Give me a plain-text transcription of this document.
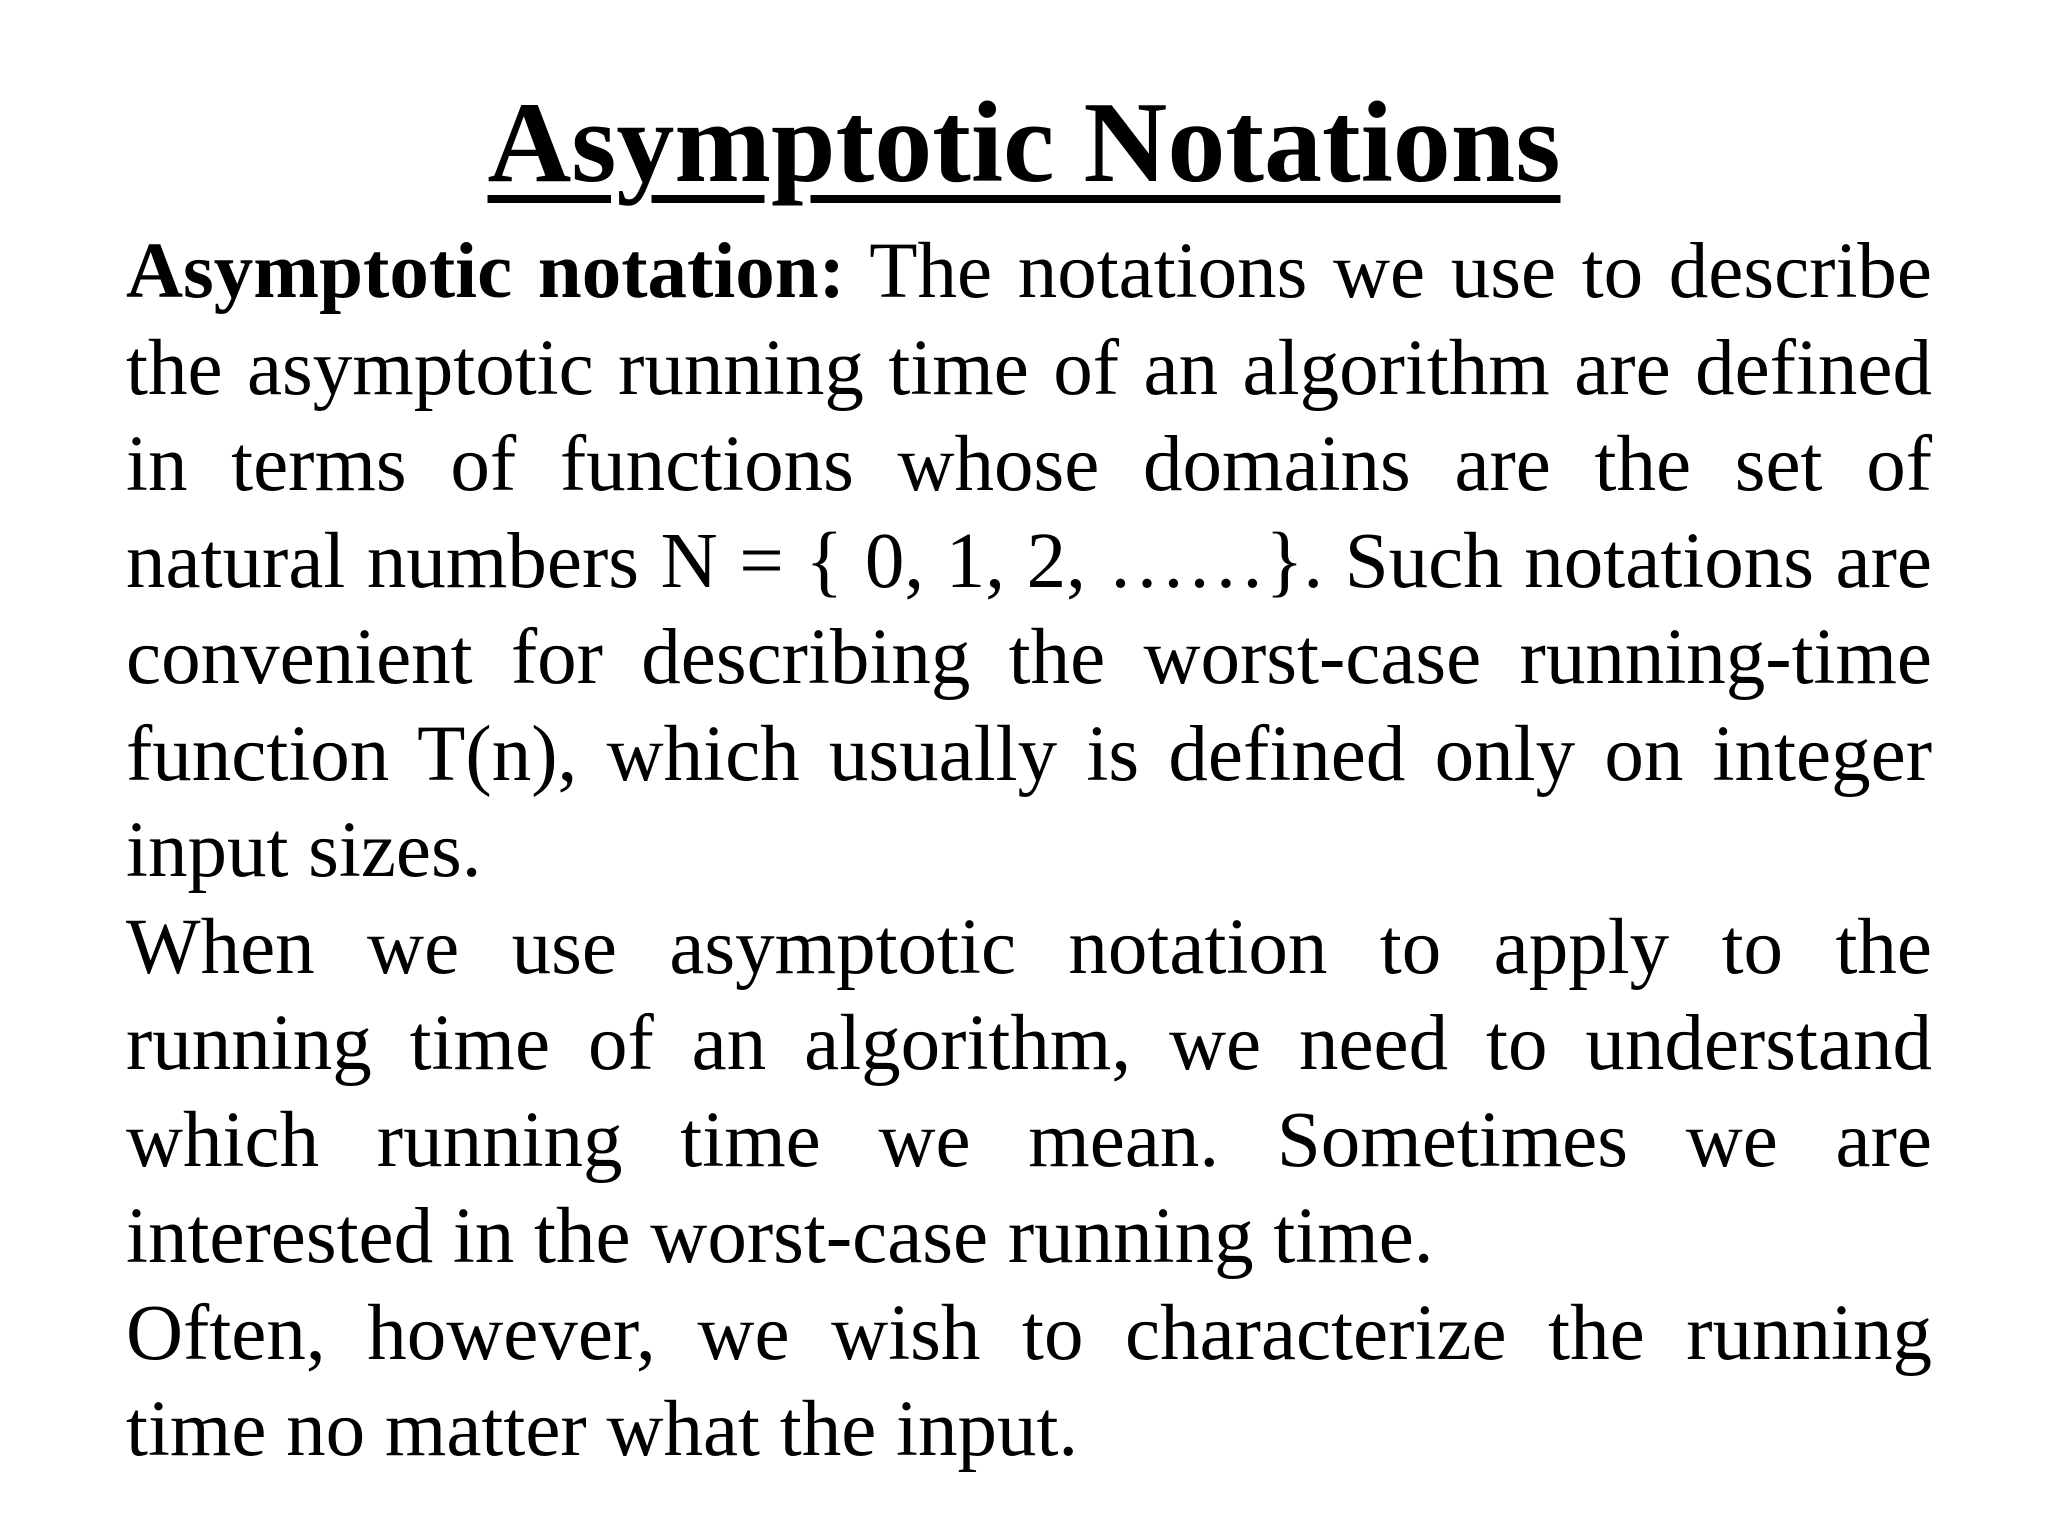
Asymptotic Notations

Asymptotic notation: The notations we use to describe the asymptotic running time of an algorithm are defined in terms of functions whose domains are the set of natural numbers N = { 0, 1, 2, ……}. Such notations are convenient for describing the worst-case running-time function T(n), which usually is defined only on integer input sizes.

When we use asymptotic notation to apply to the running time of an algorithm, we need to understand which running time we mean. Sometimes we are interested in the worst-case running time.

Often, however, we wish to characterize the running time no matter what the input.
